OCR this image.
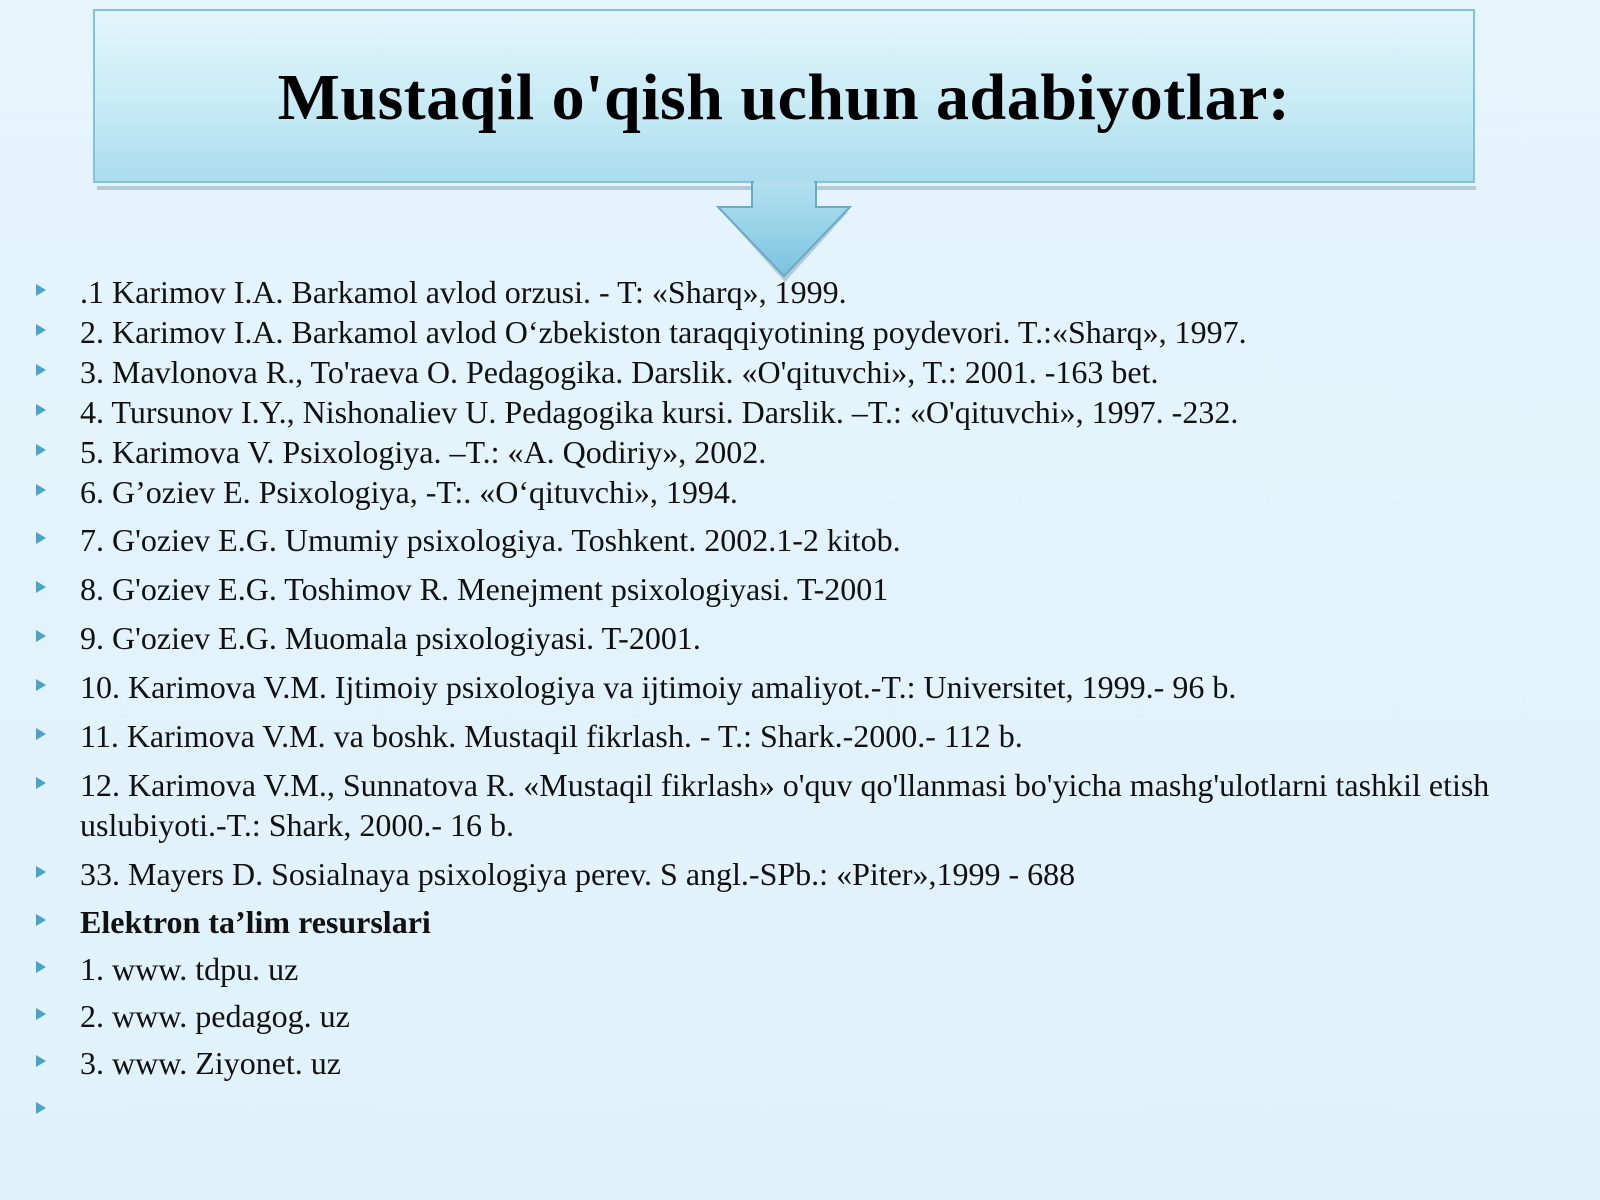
Mustaqil o'qish uchun adabiyotlar:
.1 Karimov I.A. Barkamol avlod orzusi. - T: «Sharq», 1999.
2. Karimov I.A. Barkamol avlod O‘zbekiston taraqqiyotining poydevori. T.:«Sharq», 1997.
3. Mavlonova R., To'raeva O. Pedagogika. Darslik. «O'qituvchi», T.: 2001. -163 bet.
4. Tursunov I.Y., Nishonaliev U. Pedagogika kursi. Darslik. –T.: «O'qituvchi», 1997. -232.
5. Karimova V. Psixologiya. –T.: «A. Qodiriy», 2002.
6. G’oziev E. Psixologiya, -T:. «O‘qituvchi», 1994.
7. G'oziev E.G. Umumiy psixologiya. Toshkent. 2002.1-2 kitob.
8. G'oziev E.G. Toshimov R. Menejment psixologiyasi. T-2001
9. G'oziev E.G. Muomala psixologiyasi. T-2001.
10. Karimova V.M. Ijtimoiy psixologiya va ijtimoiy amaliyot.-T.: Universitet, 1999.- 96 b.
11. Karimova V.M. va boshk. Mustaqil fikrlash. - T.: Shark.-2000.- 112 b.
12. Karimova V.M., Sunnatova R. «Mustaqil fikrlash» o'quv qo'llanmasi bo'yicha mashg'ulotlarni tashkil etish uslubiyoti.-T.: Shark, 2000.- 16 b.
33. Mayers D. Sosialnaya psixologiya perev. S angl.-SPb.: «Piter»,1999 - 688
Elektron ta’lim resurslari
1. www. tdpu. uz
2. www. pedagog. uz
3. www. Ziyonet. uz
